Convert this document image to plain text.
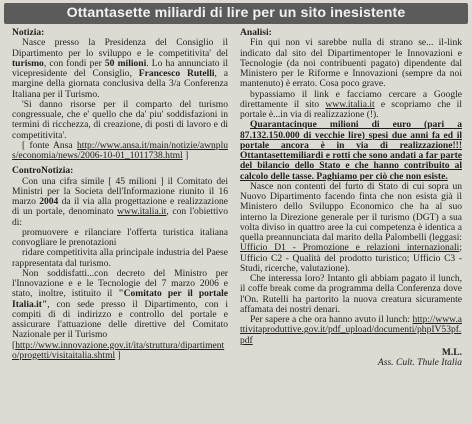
Ottantasette miliardi di lire per un sito inesistente

Notizia:

Nasce presso la Presidenza del Consiglio il Dipartimento per lo sviluppo e le competitivita' del turismo, con fondi per 50 milioni. Lo ha annunciato il vicepresidente del Consiglio, Francesco Rutelli, a margine della giornata conclusiva della 3/a Conferenza Italiana per il Turismo.

'Si danno risorse per il comparto del turismo congressuale, che e' quello che da' piu' soddisfazioni in termini di ricchezza, di creazione, di posti di lavoro e di competitivita'.

[ fonte Ansa http://www.ansa.it/main/notizie/awnplus/economia/news/2006-10-01_1011738.html ]

ControNotizia:

Con una cifra simile [ 45 milioni ] il Comitato dei Ministri per la Societa dell'Informazione riunito il 16 marzo 2004 da il via alla progettazione e realizzazione di un portale, denominato www.italia.it, con l'obiettivo di:

promuovere e rilanciare l'offerta turistica italiana convogliare le prenotazioni

ridare competitivita alla principale industria del Paese rappresentata dal turismo.

Non soddisfatti...con decreto del Ministro per l'Innovazione e e le Tecnologie del 7 marzo 2006 e stato, inoltre, istituito il "Comitato per il portale Italia.it", con sede presso il Dipartimento, con i compiti di di indirizzo e controllo del portale e assicurare l'attuazione delle direttive del Comitato Nazionale per il Turismo

[http://www.innovazione.gov.it/ita/struttura/dipartimento/progetti/visitaitalia.shtml ]

Analisi:

Fin qui non vi sarebbe nulla di strano se... il-link indicato dal sito del Dipartimentoper le Innovazioni e Tecnologie (da noi contribuenti pagato) dipendente dal Ministero per le Riforme e Innovazioni (sempre da noi mantenuto) è errato. Cosa poco grave.

bypassiamo il link e facciamo cercare a Google direttamente il sito www.italia.it e scopriamo che il portale è...in via di realizzazione (!).

Quarantacinque milioni di euro (pari a 87.132.150.000 di vecchie lire) spesi due anni fa ed il portale ancora è in via di realizzazione!!! Ottantasettemiliardi e rotti che sono andati a far parte del bilancio dello Stato e che hanno contribuito al calcolo delle tasse. Paghiamo per ciò che non esiste.

Nasce non contenti del furto di Stato di cui sopra un Nuovo Dipartimento facendo finta che non esista già il Ministero dello Sviluppo Economico che ha al suo interno la Direzione generale per il turismo (DGT) a sua volta diviso in quattro aree la cui competenza è identica a quella preannunciata dal marito della Palombelli (leggasi: Ufficio D1 - Promozione e relazioni internazionali; Ufficio C2 - Qualità del prodotto turistico; Ufficio C3 - Studi, ricerche, valutazione).

Che interessa loro? Intanto gli abbiam pagato il lunch, il coffe break come da programma della Conferenza dove l'On. Rutelli ha partorito la nuova creatura sicuramente affamata dei nostri denari.

Per sapere a che ora hanno avuto il lunch: http://www.attivitaproduttive.gov.it/pdf_upload/documenti/phpIV53pf.pdf

M.L.
Ass. Cult. Thule Italia
